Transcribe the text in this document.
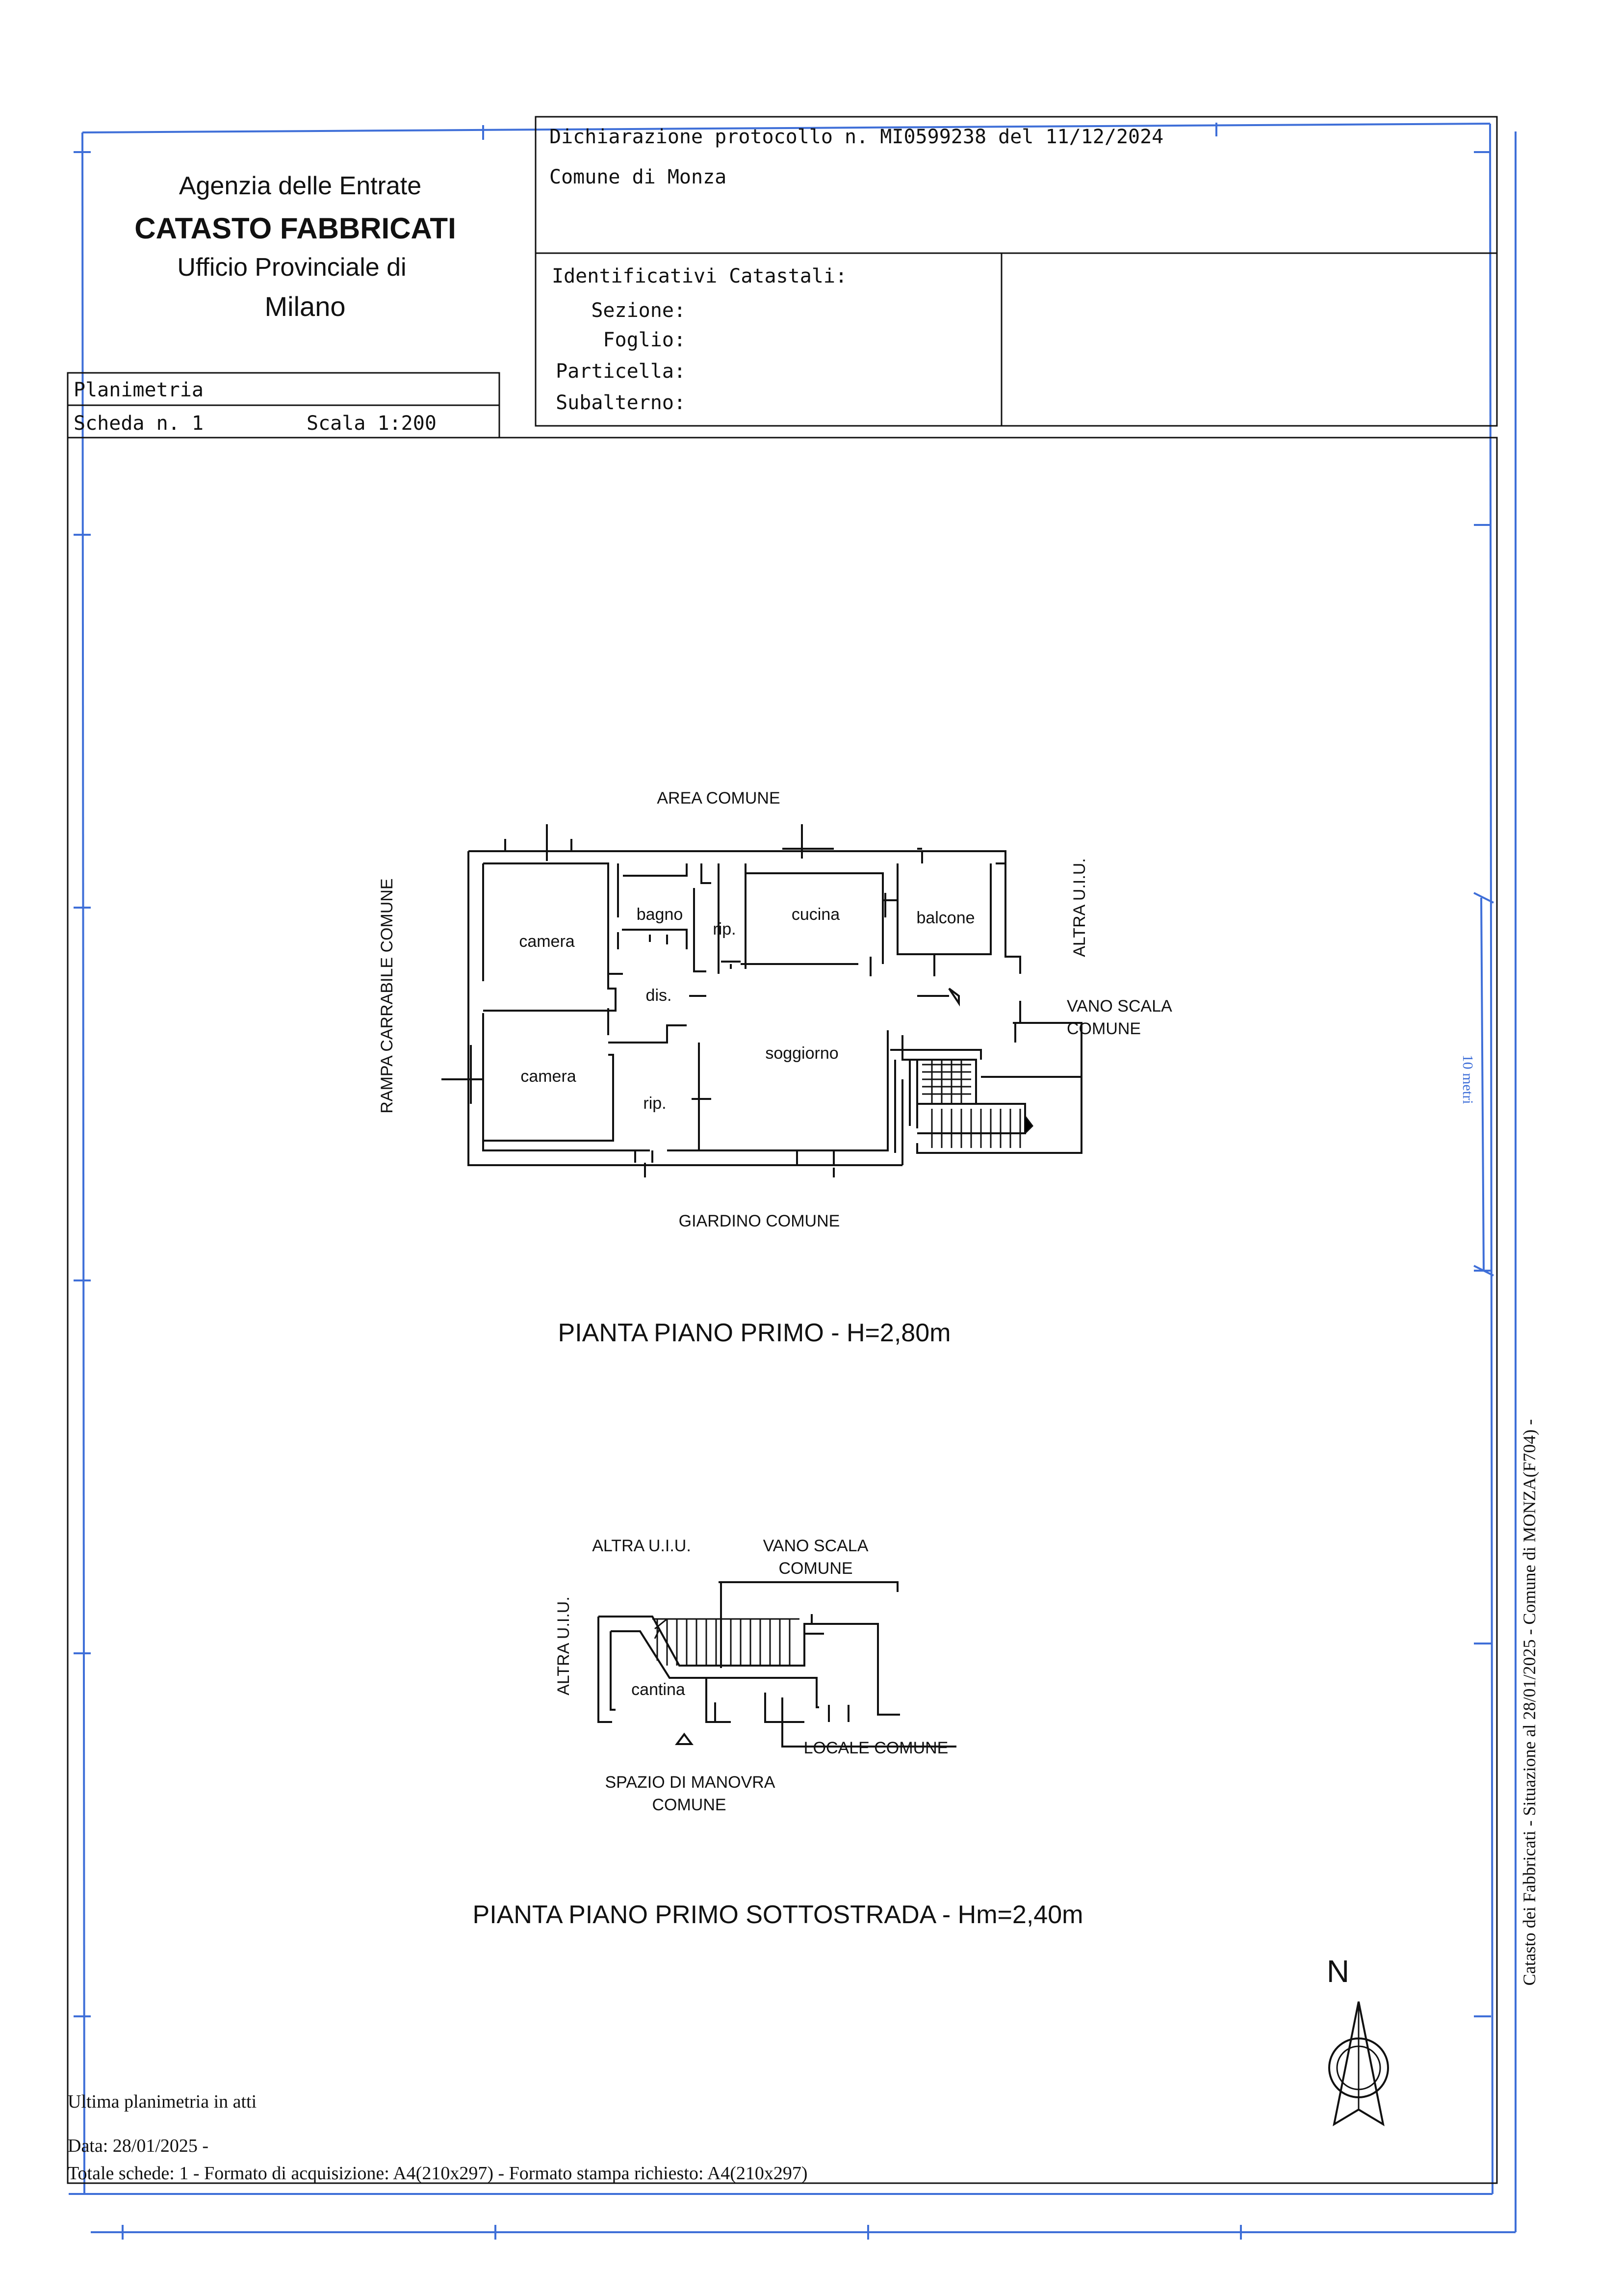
Agenzia delle Entrate
CATASTO FABBRICATI
Ufficio Provinciale di
Milano
Dichiarazione protocollo n. MI0599238 del 11/12/2024
Comune di Monza
Identificativi Catastali:
Sezione:
Foglio:
Particella:
Subalterno:
Planimetria
Scheda n. 1	Scala 1:200
AREA COMUNE
RAMPA CARRABILE COMUNE	ALTRA U.I.U.
GIARDINO COMUNE
VANO SCALA
COMUNE
camera
bagno
rip.
cucina	balcone
dis.
soggiorno
camera
rip.
PIANTA PIANO PRIMO - H=2,80m
ALTRA U.I.U.	VANO SCALA
COMUNE
ALTRA U.I.U.	cantina
LOCALE COMUNE
SPAZIO DI MANOVRA
COMUNE
PIANTA PIANO PRIMO SOTTOSTRADA - Hm=2,40m
N	Catasto dei Fabbricati - Situazione al 28/01/2025 - Comune di MONZA(F704) -
10 metri
Ultima planimetria in atti
Data: 28/01/2025 -
Totale schede: 1 - Formato di acquisizione: A4(210x297) - Formato stampa richiesto: A4(210x297)
